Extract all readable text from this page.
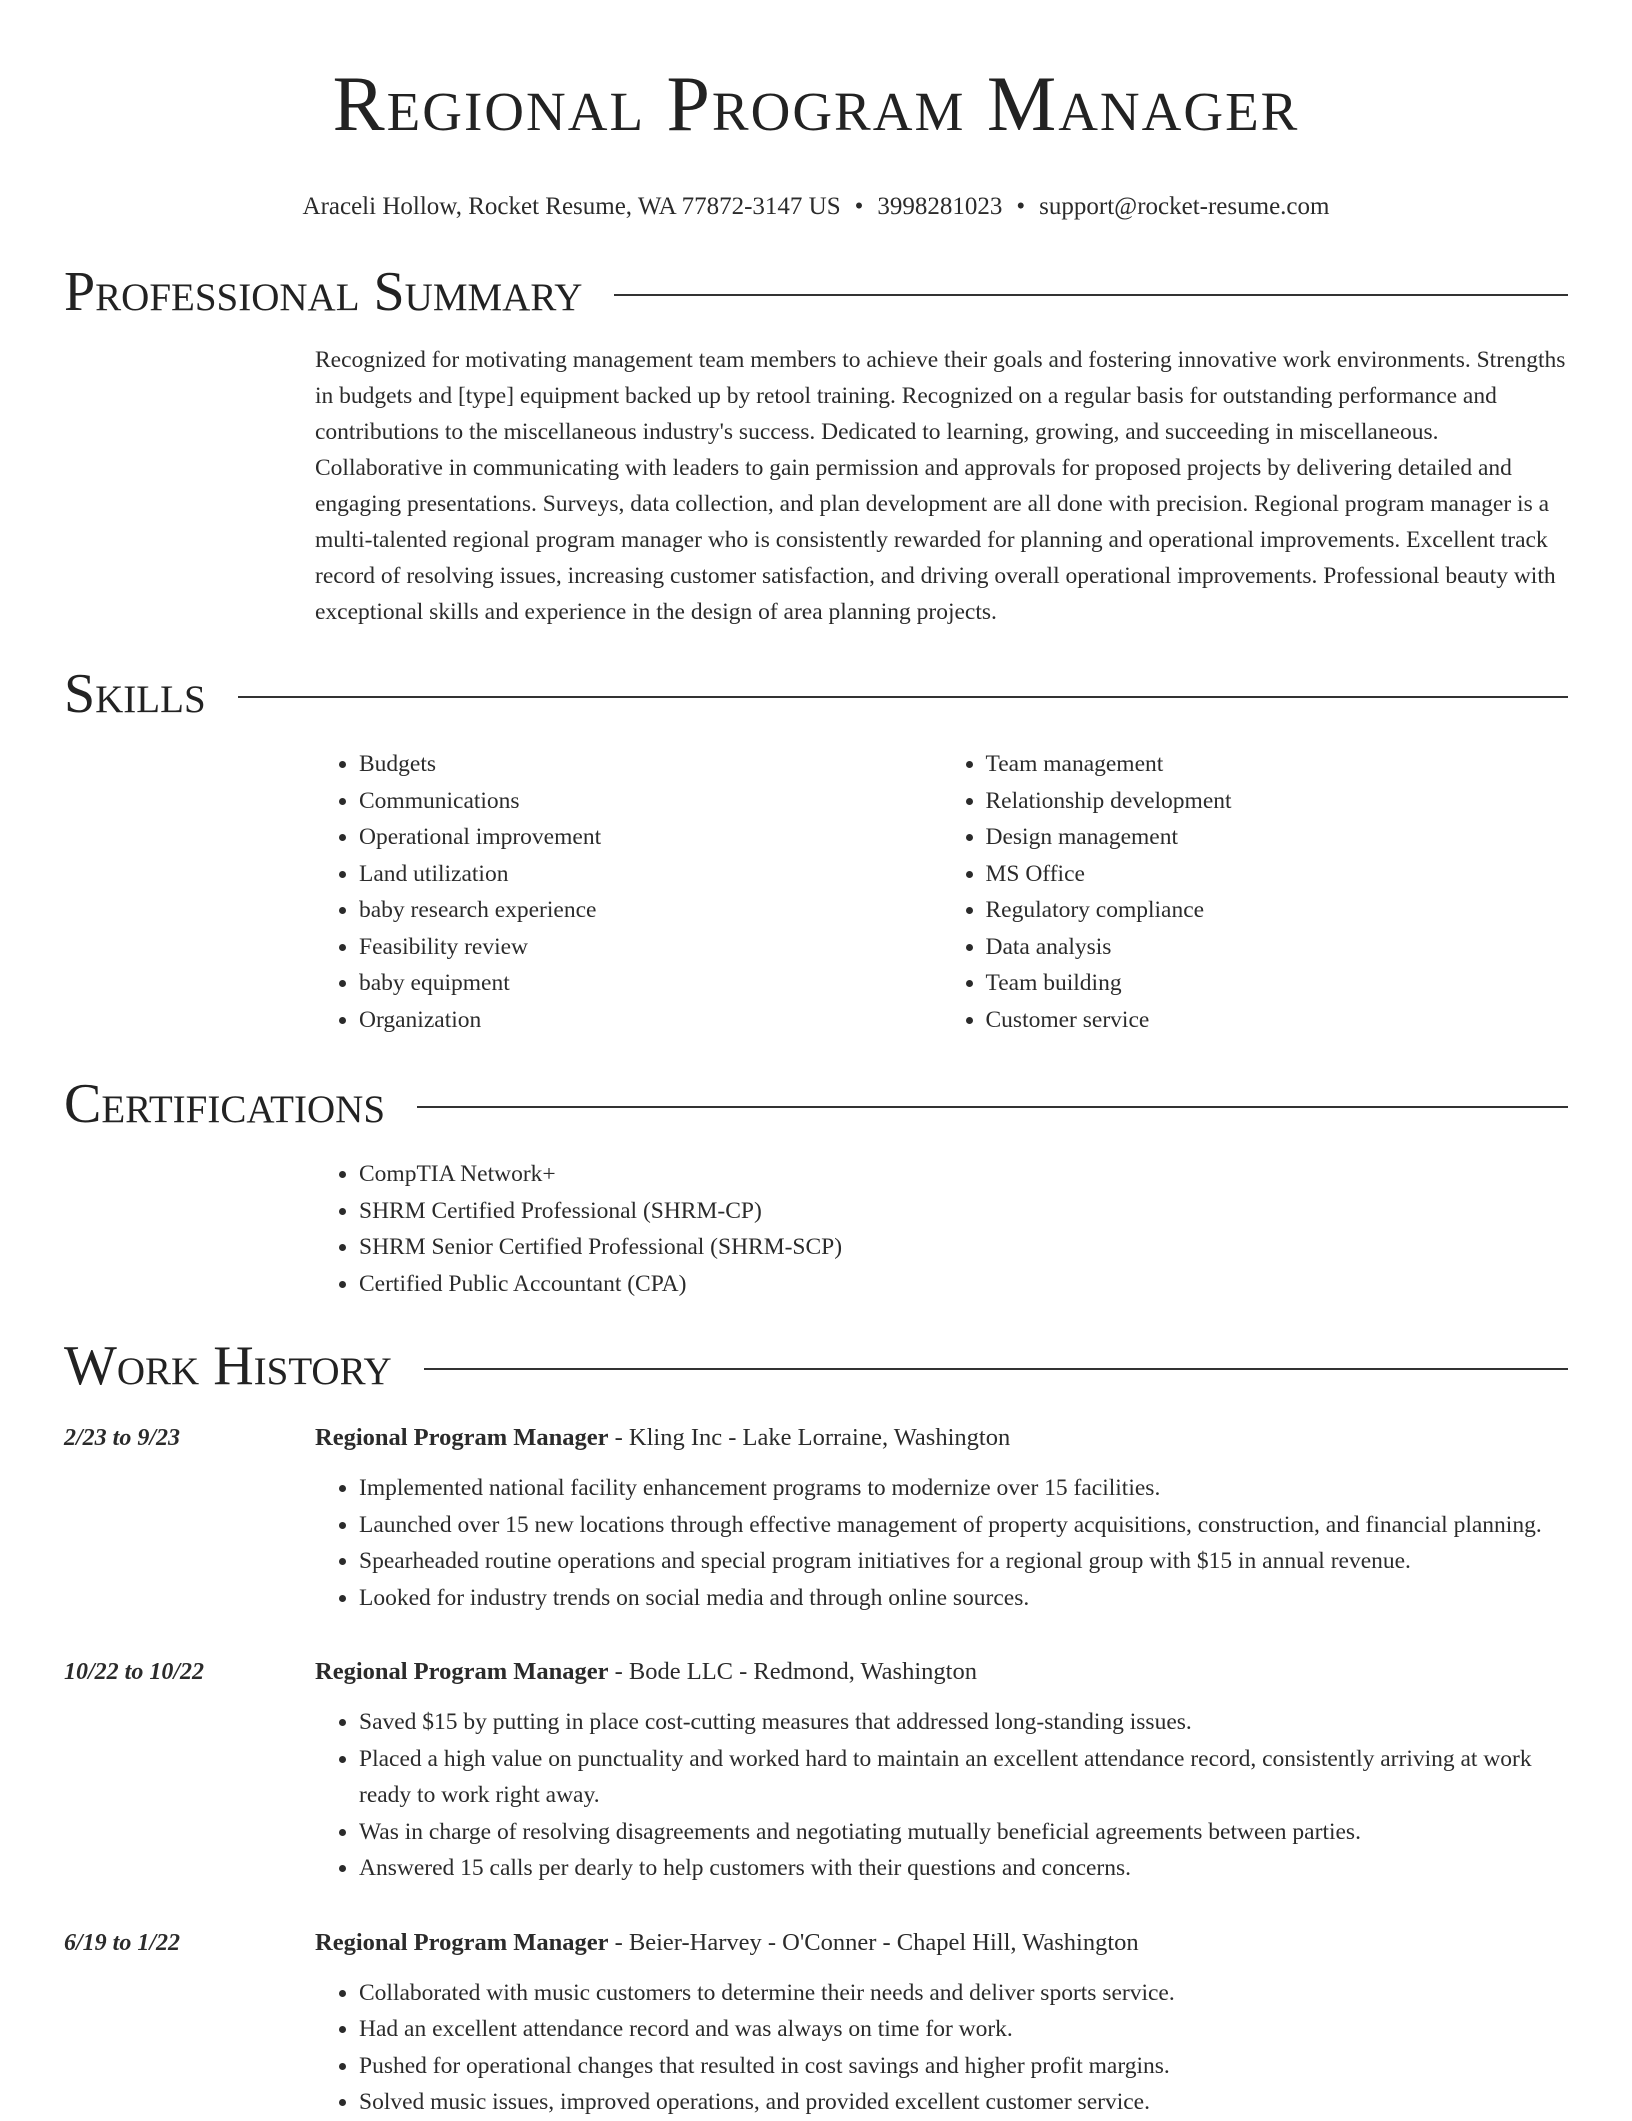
Regional Program Manager
Araceli Hollow, Rocket Resume, WA 77872-3147 US • 3998281023 • support@rocket-resume.com
Professional Summary
Recognized for motivating management team members to achieve their goals and fostering innovative work environments. Strengths in budgets and [type] equipment backed up by retool training. Recognized on a regular basis for outstanding performance and contributions to the miscellaneous industry's success. Dedicated to learning, growing, and succeeding in miscellaneous. Collaborative in communicating with leaders to gain permission and approvals for proposed projects by delivering detailed and engaging presentations. Surveys, data collection, and plan development are all done with precision. Regional program manager is a multi-talented regional program manager who is consistently rewarded for planning and operational improvements. Excellent track record of resolving issues, increasing customer satisfaction, and driving overall operational improvements. Professional beauty with exceptional skills and experience in the design of area planning projects.
Skills
• Budgets
• Communications
• Operational improvement
• Land utilization
• baby research experience
• Feasibility review
• baby equipment
• Organization
• Team management
• Relationship development
• Design management
• MS Office
• Regulatory compliance
• Data analysis
• Team building
• Customer service
Certifications
• CompTIA Network+
• SHRM Certified Professional (SHRM-CP)
• SHRM Senior Certified Professional (SHRM-SCP)
• Certified Public Accountant (CPA)
Work History
2/23 to 9/23	Regional Program Manager - Kling Inc - Lake Lorraine, Washington
• Implemented national facility enhancement programs to modernize over 15 facilities.
• Launched over 15 new locations through effective management of property acquisitions, construction, and financial planning.
• Spearheaded routine operations and special program initiatives for a regional group with $15 in annual revenue.
• Looked for industry trends on social media and through online sources.
10/22 to 10/22	Regional Program Manager - Bode LLC - Redmond, Washington
• Saved $15 by putting in place cost-cutting measures that addressed long-standing issues.
• Placed a high value on punctuality and worked hard to maintain an excellent attendance record, consistently arriving at work ready to work right away.
• Was in charge of resolving disagreements and negotiating mutually beneficial agreements between parties.
• Answered 15 calls per dearly to help customers with their questions and concerns.
6/19 to 1/22	Regional Program Manager - Beier-Harvey - O'Conner - Chapel Hill, Washington
• Collaborated with music customers to determine their needs and deliver sports service.
• Had an excellent attendance record and was always on time for work.
• Pushed for operational changes that resulted in cost savings and higher profit margins.
• Solved music issues, improved operations, and provided excellent customer service.
